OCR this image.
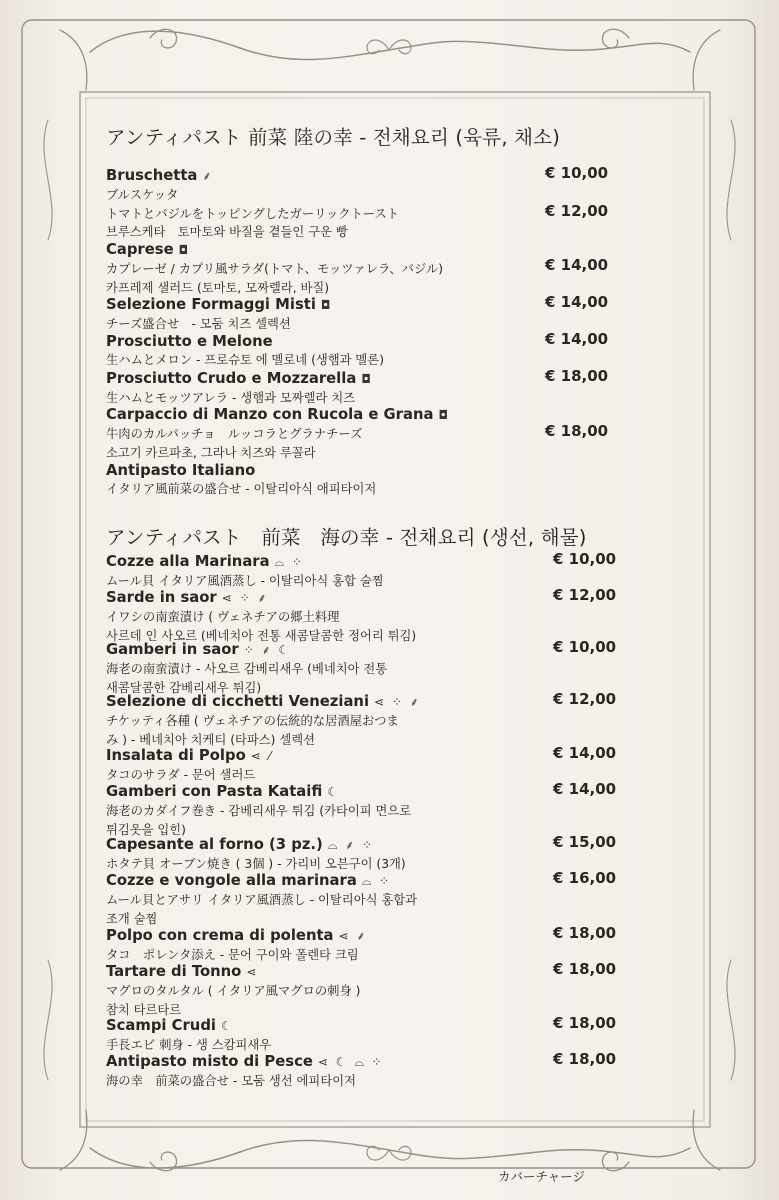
アンティパスト 前菜 陸の幸 - 전채요리 (육류, 채소)
Bruschetta ⸙
ブルスケッタ
トマトとバジルをトッピングしたガーリックトースト
브루스케타　토마토와 바질을 곁들인 구운 빵
€ 10,00
€ 12,00
Caprese ◘
カプレーゼ / カプリ風サラダ(トマト、モッツァレラ、バジル)
카프레제 샐러드 (토마토, 모짜렐라, 바질)
€ 14,00
Selezione Formaggi Misti ◘
チーズ盛合せ　- 모둠 치즈 셀렉션
€ 14,00
Prosciutto e Melone
生ハムとメロン - 프로슈토 에 멜로네 (생햄과 멜론)
€ 14,00
Prosciutto Crudo e Mozzarella ◘
生ハムとモッツアレラ - 생햄과 모짜렐라 치즈
€ 18,00
Carpaccio di Manzo con Rucola e Grana ◘
牛肉のカルパッチョ　ルッコラとグラナチーズ
소고기 카르파초, 그라나 치즈와 루꼴라
€ 18,00
Antipasto Italiano
イタリア風前菜の盛合せ - 이탈리아식 애피타이저
アンティパスト　前菜　海の幸 - 전채요리 (생선, 해물)
Cozze alla Marinara ⌓ ⁘
ムール貝 イタリア風酒蒸し - 이탈리아식 홍합 술찜
€ 10,00
Sarde in saor ⋖ ⁘ ⸙
イワシの南蛮漬け ( ヴェネチアの郷土料理
사르데 인 사오르 (베네치아 전통 새콤달콤한 정어리 튀김)
€ 12,00
Gamberi in saor ⁘ ⸙ ☾
海老の南蛮漬け - 사오르 감베리새우 (베네치아 전통
새콤달콤한 감베리새우 튀김)
€ 10,00
Selezione di cicchetti Veneziani ⋖ ⁘ ⸙
チケッティ各種 ( ヴェネチアの伝統的な居酒屋おつま
み ) - 베네치아 치케티 (타파스) 셀렉션
€ 12,00
Insalata di Polpo ⋖ ⁄
タコのサラダ - 문어 샐러드
€ 14,00
Gamberi con Pasta Kataifi ☾
海老のカダイフ巻き - 감베리새우 튀김 (카타이피 면으로
튀김옷을 입힌)
€ 14,00
Capesante al forno (3 pz.) ⌓ ⸙ ⁘
ホタテ貝 オーブン焼き ( 3個 ) - 가리비 오븐구이 (3개)
€ 15,00
Cozze e vongole alla marinara ⌓ ⁘
ムール貝とアサリ イタリア風酒蒸し - 이탈리아식 홍합과
조개 술찜
€ 16,00
Polpo con crema di polenta ⋖ ⸙
タコ　ポレンタ添え - 문어 구이와 폴렌타 크림
€ 18,00
Tartare di Tonno ⋖
マグロのタルタル ( イタリア風マグロの刺身 )
참치 타르타르
€ 18,00
Scampi Crudi ☾
手長エビ 刺身 - 생 스캄피새우
€ 18,00
Antipasto misto di Pesce ⋖ ☾ ⌓ ⁘
海の幸　前菜の盛合せ - 모둠 생선 에피타이저
€ 18,00
カバーチャージ
